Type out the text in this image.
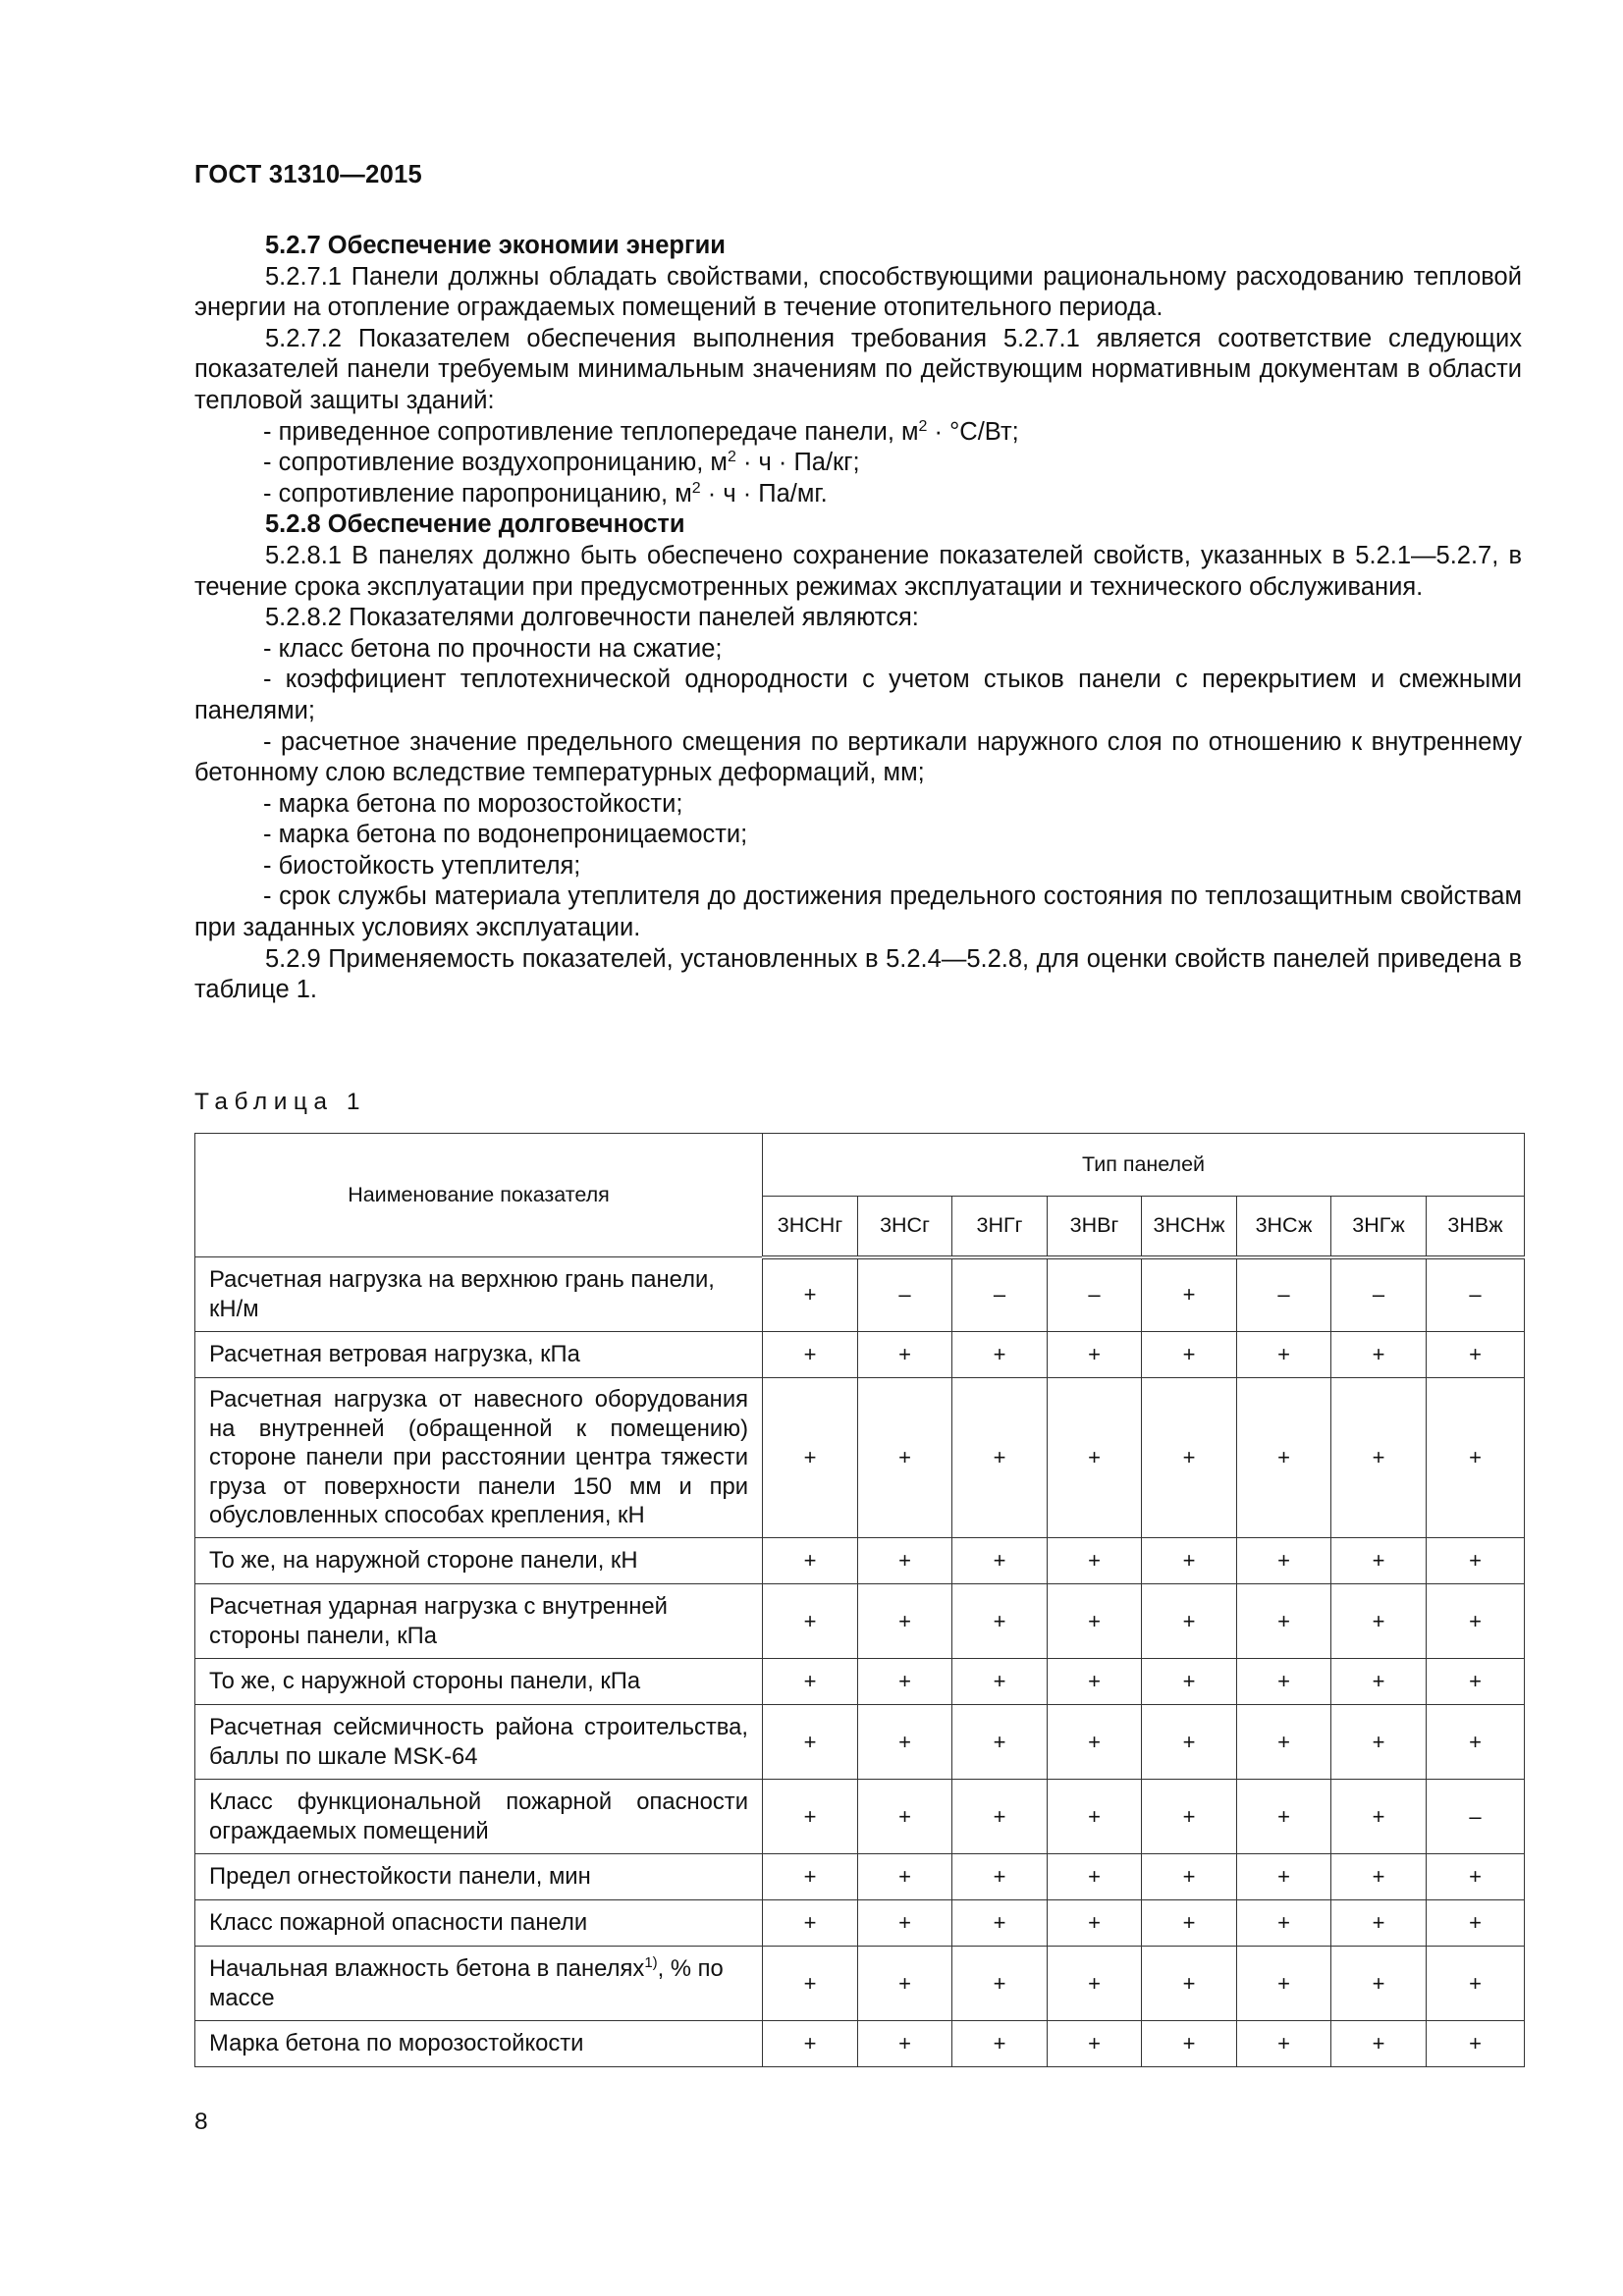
ГОСТ 31310—2015

5.2.7 Обеспечение экономии энергии

5.2.7.1 Панели должны обладать свойствами, способствующими рациональному расходованию тепловой энергии на отопление ограждаемых помещений в течение отопительного периода.

5.2.7.2 Показателем обеспечения выполнения требования 5.2.7.1 является соответствие следующих показателей панели требуемым минимальным значениям по действующим нормативным документам в области тепловой защиты зданий:

- приведенное сопротивление теплопередаче панели, $м^2 \cdot ^\circ С/Вт$;

- сопротивление воздухопроницанию, $м^2 \cdot ч \cdot Па/кг$;

- сопротивление паропроницанию, $м^2 \cdot ч \cdot Па/мг$.

5.2.8 Обеспечение долговечности

5.2.8.1 В панелях должно быть обеспечено сохранение показателей свойств, указанных в 5.2.1—5.2.7, в течение срока эксплуатации при предусмотренных режимах эксплуатации и технического обслуживания.

5.2.8.2 Показателями долговечности панелей являются:

- класс бетона по прочности на сжатие;

- коэффициент теплотехнической однородности с учетом стыков панели с перекрытием и смежными панелями;

- расчетное значение предельного смещения по вертикали наружного слоя по отношению к внутреннему бетонному слою вследствие температурных деформаций, мм;

- марка бетона по морозостойкости;

- марка бетона по водонепроницаемости;

- биостойкость утеплителя;

- срок службы материала утеплителя до достижения предельного состояния по теплозащитным свойствам при заданных условиях эксплуатации.

5.2.9 Применяемость показателей, установленных в 5.2.4—5.2.8, для оценки свойств панелей приведена в таблице 1.

Таблица 1
Наименование показателя	Тип панелей							
	3НСНг	3НСг	3НГг	3НВг	3НСНж	3НСж	3НГж	3НВж
Расчетная нагрузка на верхнюю грань панели, кН/м	+	–	–	–	+	–	–	–
Расчетная ветровая нагрузка, кПа	+	+	+	+	+	+	+	+
Расчетная нагрузка от навесного оборудования на внутренней (обращенной к помещению) стороне панели при расстоянии центра тяжести груза от поверхности панели 150 мм и при обусловленных способах крепления, кН	+	+	+	+	+	+	+	+
То же, на наружной стороне панели, кН	+	+	+	+	+	+	+	+
Расчетная ударная нагрузка с внутренней стороны панели, кПа	+	+	+	+	+	+	+	+
То же, с наружной стороны панели, кПа	+	+	+	+	+	+	+	+
Расчетная сейсмичность района строительства, баллы по шкале MSK-64	+	+	+	+	+	+	+	+
Класс функциональной пожарной опасности ограждаемых помещений	+	+	+	+	+	+	+	–
Предел огнестойкости панели, мин	+	+	+	+	+	+	+	+
Класс пожарной опасности панели	+	+	+	+	+	+	+	+
Начальная влажность бетона в панелях$^{1)}$, % по массе	+	+	+	+	+	+	+	+
Марка бетона по морозостойкости	+	+	+	+	+	+	+	+
8
